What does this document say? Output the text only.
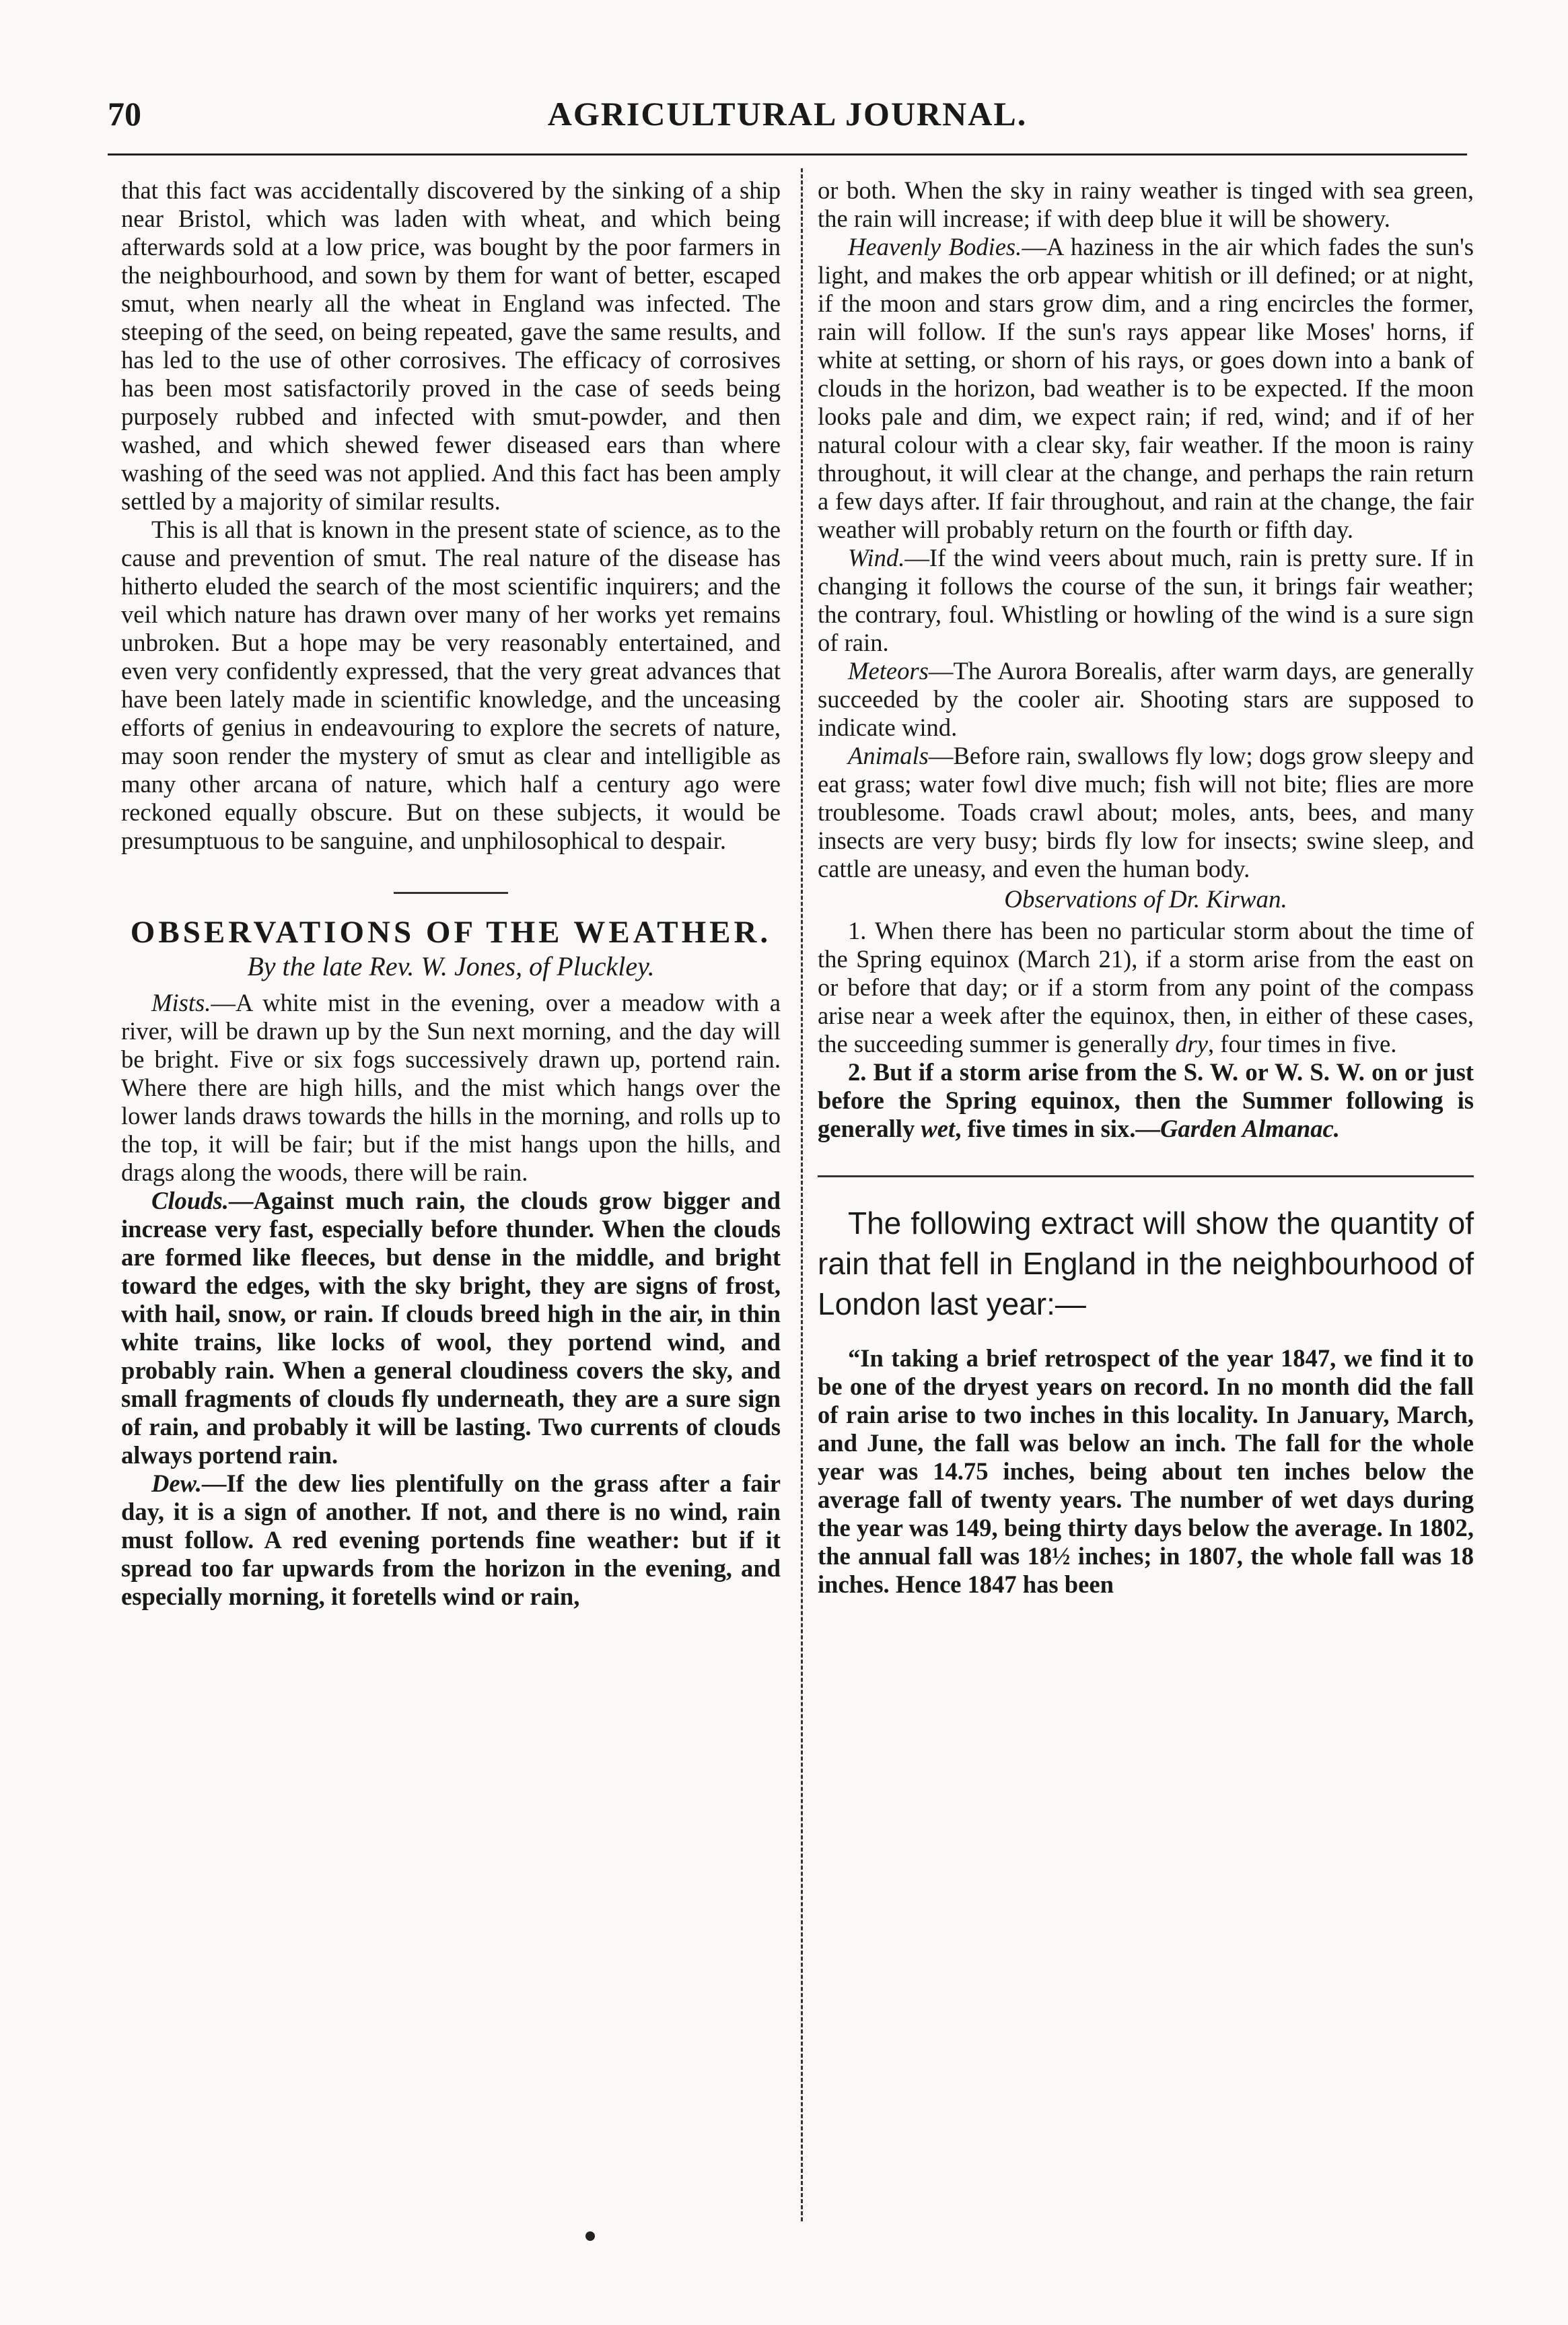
70	AGRICULTURAL JOURNAL.

that this fact was accidentally discovered by the sinking of a ship near Bristol, which was laden with wheat, and which being afterwards sold at a low price, was bought by the poor farmers in the neighbourhood, and sown by them for want of better, escaped smut, when nearly all the wheat in England was infected. The steeping of the seed, on being repeated, gave the same results, and has led to the use of other corrosives. The efficacy of corrosives has been most satisfactorily proved in the case of seeds being purposely rubbed and infected with smut-powder, and then washed, and which shewed fewer diseased ears than where washing of the seed was not applied. And this fact has been amply settled by a majority of similar results.

This is all that is known in the present state of science, as to the cause and prevention of smut. The real nature of the disease has hitherto eluded the search of the most scientific inquirers; and the veil which nature has drawn over many of her works yet remains unbroken. But a hope may be very reasonably entertained, and even very confidently expressed, that the very great advances that have been lately made in scientific knowledge, and the unceasing efforts of genius in endeavouring to explore the secrets of nature, may soon render the mystery of smut as clear and intelligible as many other arcana of nature, which half a century ago were reckoned equally obscure. But on these subjects, it would be presumptuous to be sanguine, and unphilosophical to despair.

OBSERVATIONS OF THE WEATHER.
By the late Rev. W. Jones, of Pluckley.

Mists.—A white mist in the evening, over a meadow with a river, will be drawn up by the Sun next morning, and the day will be bright. Five or six fogs successively drawn up, portend rain. Where there are high hills, and the mist which hangs over the lower lands draws towards the hills in the morning, and rolls up to the top, it will be fair; but if the mist hangs upon the hills, and drags along the woods, there will be rain.

Clouds.—Against much rain, the clouds grow bigger and increase very fast, especially before thunder. When the clouds are formed like fleeces, but dense in the middle, and bright toward the edges, with the sky bright, they are signs of frost, with hail, snow, or rain. If clouds breed high in the air, in thin white trains, like locks of wool, they portend wind, and probably rain. When a general cloudiness covers the sky, and small fragments of clouds fly underneath, they are a sure sign of rain, and probably it will be lasting. Two currents of clouds always portend rain.

Dew.—If the dew lies plentifully on the grass after a fair day, it is a sign of another. If not, and there is no wind, rain must follow. A red evening portends fine weather: but if it spread too far upwards from the horizon in the evening, and especially morning, it foretells wind or rain,

or both. When the sky in rainy weather is tinged with sea green, the rain will increase; if with deep blue it will be showery.

Heavenly Bodies.—A haziness in the air which fades the sun's light, and makes the orb appear whitish or ill defined; or at night, if the moon and stars grow dim, and a ring encircles the former, rain will follow. If the sun's rays appear like Moses' horns, if white at setting, or shorn of his rays, or goes down into a bank of clouds in the horizon, bad weather is to be expected. If the moon looks pale and dim, we expect rain; if red, wind; and if of her natural colour with a clear sky, fair weather. If the moon is rainy throughout, it will clear at the change, and perhaps the rain return a few days after. If fair throughout, and rain at the change, the fair weather will probably return on the fourth or fifth day.

Wind.—If the wind veers about much, rain is pretty sure. If in changing it follows the course of the sun, it brings fair weather; the contrary, foul. Whistling or howling of the wind is a sure sign of rain.

Meteors—The Aurora Borealis, after warm days, are generally succeeded by the cooler air. Shooting stars are supposed to indicate wind.

Animals—Before rain, swallows fly low; dogs grow sleepy and eat grass; water fowl dive much; fish will not bite; flies are more troublesome. Toads crawl about; moles, ants, bees, and many insects are very busy; birds fly low for insects; swine sleep, and cattle are uneasy, and even the human body.

Observations of Dr. Kirwan.

1. When there has been no particular storm about the time of the Spring equinox (March 21), if a storm arise from the east on or before that day; or if a storm from any point of the compass arise near a week after the equinox, then, in either of these cases, the succeeding summer is generally dry, four times in five.

2. But if a storm arise from the S. W. or W. S. W. on or just before the Spring equinox, then the Summer following is generally wet, five times in six.—Garden Almanac.

The following extract will show the quantity of rain that fell in England in the neighbourhood of London last year:—

“In taking a brief retrospect of the year 1847, we find it to be one of the dryest years on record. In no month did the fall of rain arise to two inches in this locality. In January, March, and June, the fall was below an inch. The fall for the whole year was 14.75 inches, being about ten inches below the average fall of twenty years. The number of wet days during the year was 149, being thirty days below the average. In 1802, the annual fall was 18½ inches; in 1807, the whole fall was 18 inches. Hence 1847 has been
